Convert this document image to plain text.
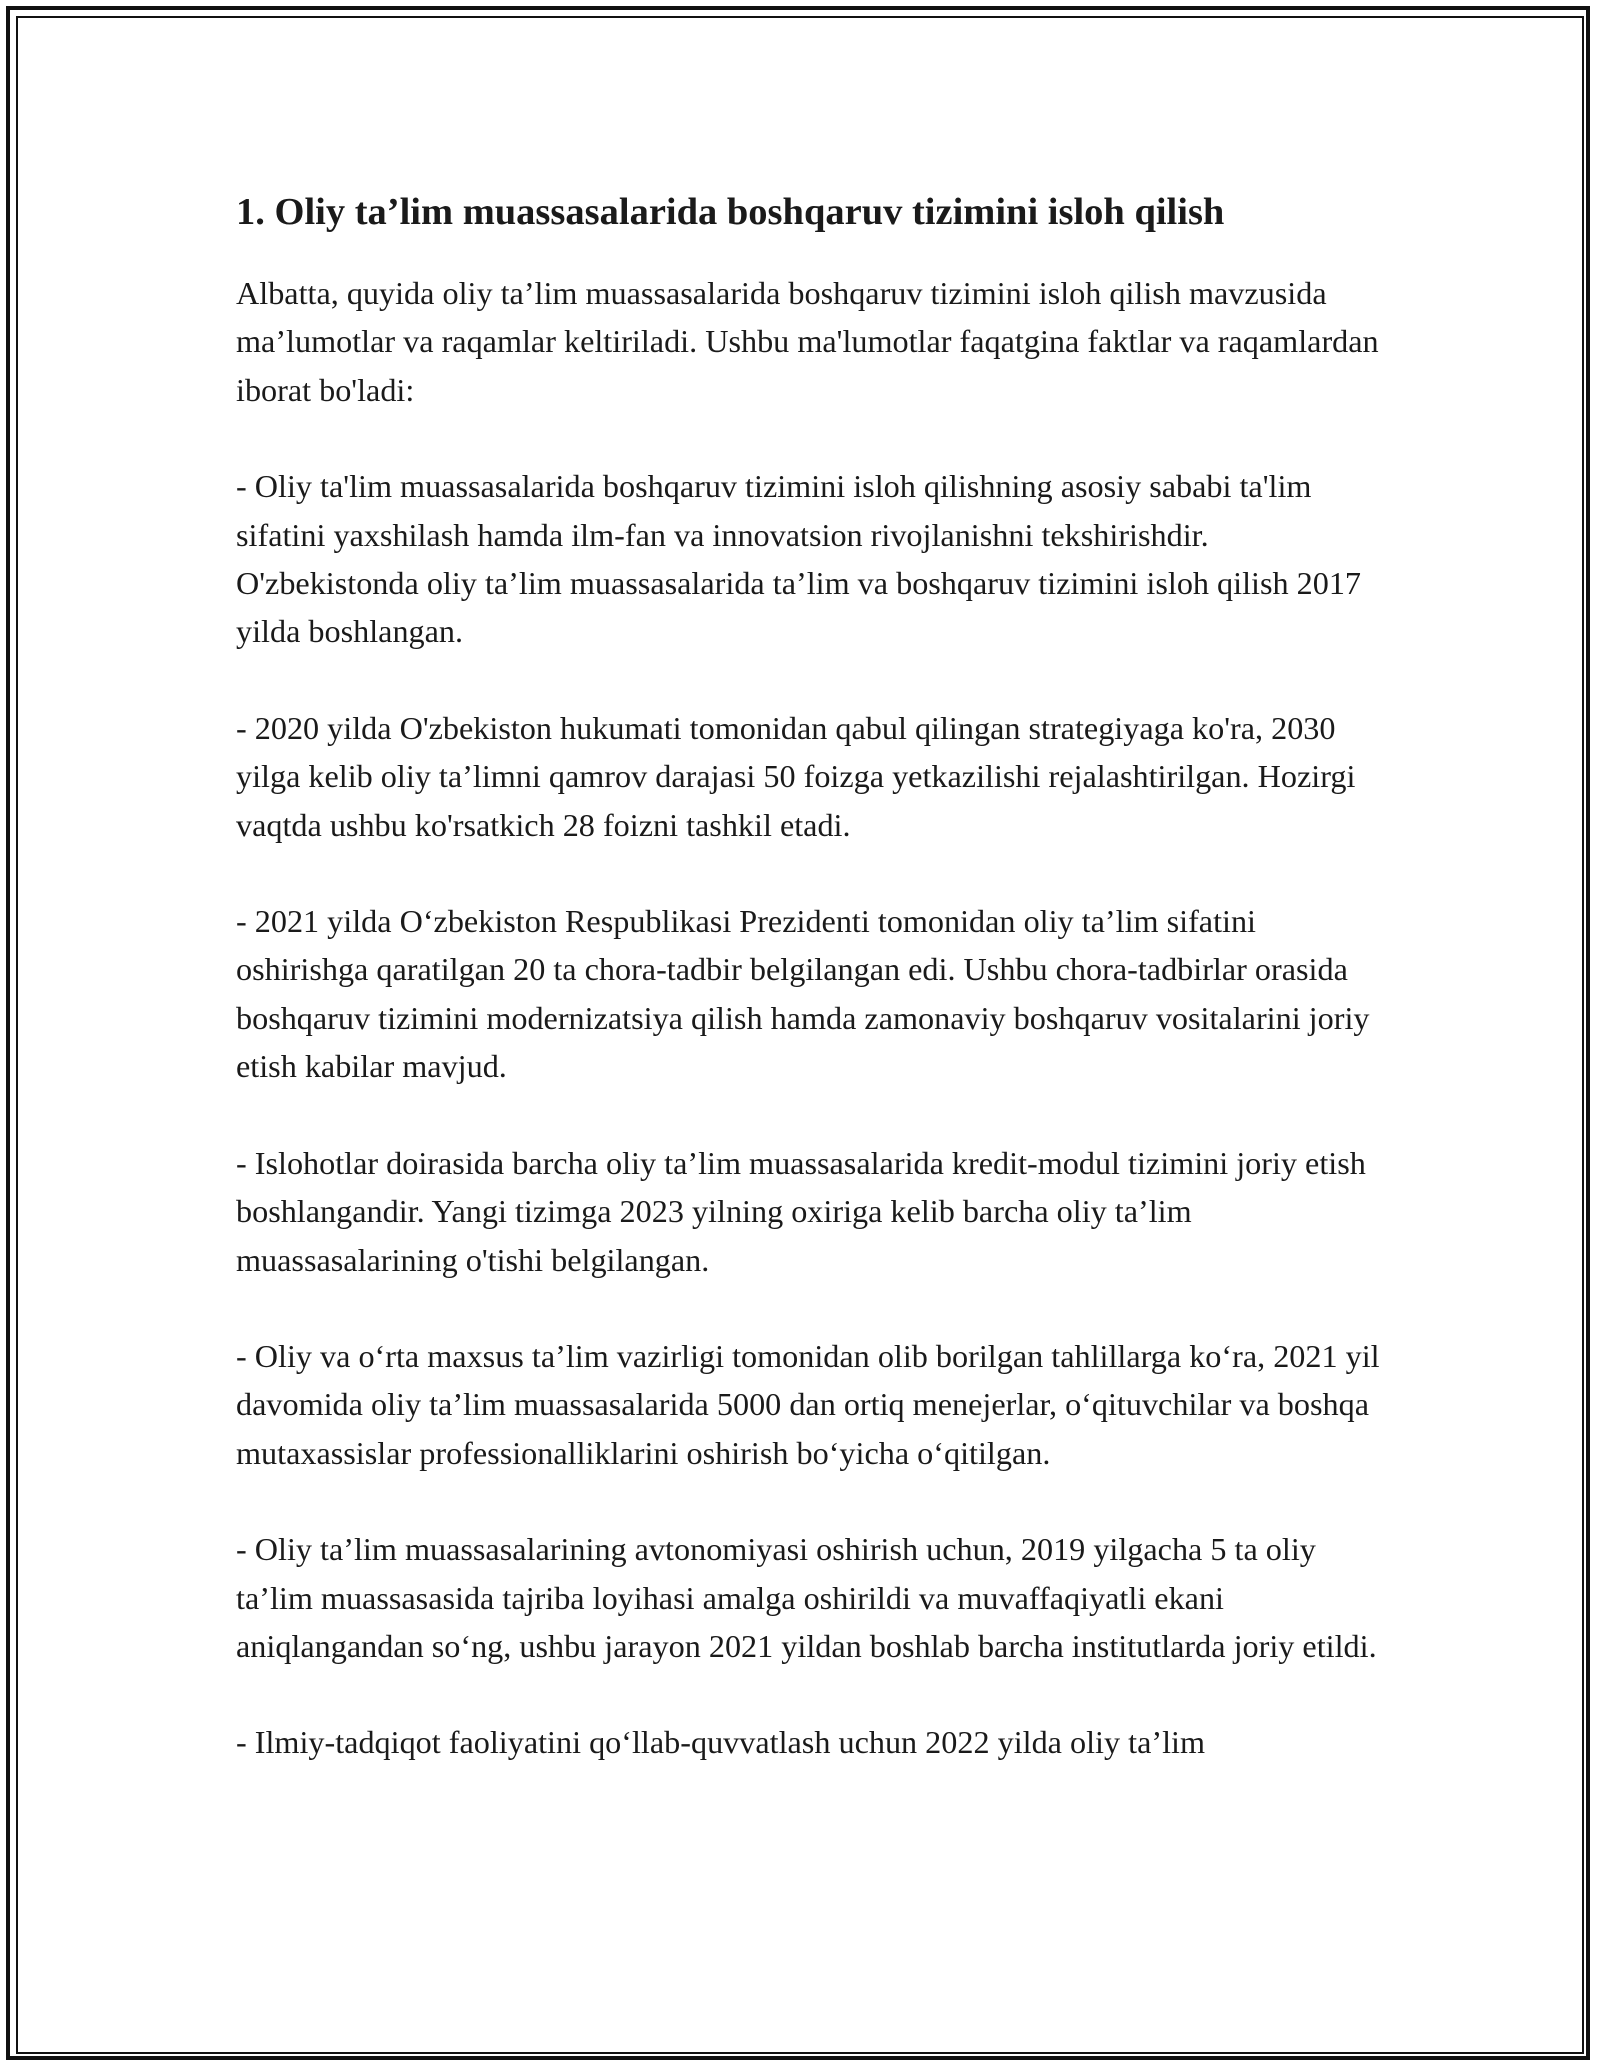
1. Oliy ta’lim muassasalarida boshqaruv tizimini isloh qilish

Albatta, quyida oliy ta’lim muassasalarida boshqaruv tizimini isloh qilish mavzusida ma’lumotlar va raqamlar keltiriladi. Ushbu ma'lumotlar faqatgina faktlar va raqamlardan iborat bo'ladi:

- Oliy ta'lim muassasalarida boshqaruv tizimini isloh qilishning asosiy sababi ta'lim sifatini yaxshilash hamda ilm-fan va innovatsion rivojlanishni tekshirishdir. O'zbekistonda oliy ta’lim muassasalarida ta’lim va boshqaruv tizimini isloh qilish 2017 yilda boshlangan.

- 2020 yilda O'zbekiston hukumati tomonidan qabul qilingan strategiyaga ko'ra, 2030 yilga kelib oliy ta’limni qamrov darajasi 50 foizga yetkazilishi rejalashtirilgan. Hozirgi vaqtda ushbu ko'rsatkich 28 foizni tashkil etadi.

- 2021 yilda O‘zbekiston Respublikasi Prezidenti tomonidan oliy ta’lim sifatini oshirishga qaratilgan 20 ta chora-tadbir belgilangan edi. Ushbu chora-tadbirlar orasida boshqaruv tizimini modernizatsiya qilish hamda zamonaviy boshqaruv vositalarini joriy etish kabilar mavjud.

- Islohotlar doirasida barcha oliy ta’lim muassasalarida kredit-modul tizimini joriy etish boshlangandir. Yangi tizimga 2023 yilning oxiriga kelib barcha oliy ta’lim muassasalarining o'tishi belgilangan.

- Oliy va o‘rta maxsus ta’lim vazirligi tomonidan olib borilgan tahlillarga ko‘ra, 2021 yil davomida oliy ta’lim muassasalarida 5000 dan ortiq menejerlar, o‘qituvchilar va boshqa mutaxassislar professionalliklarini oshirish bo‘yicha o‘qitilgan.

- Oliy ta’lim muassasalarining avtonomiyasi oshirish uchun, 2019 yilgacha 5 ta oliy ta’lim muassasasida tajriba loyihasi amalga oshirildi va muvaffaqiyatli ekani aniqlangandan so‘ng, ushbu jarayon 2021 yildan boshlab barcha institutlarda joriy etildi.

- Ilmiy-tadqiqot faoliyatini qo‘llab-quvvatlash uchun 2022 yilda oliy ta’lim
